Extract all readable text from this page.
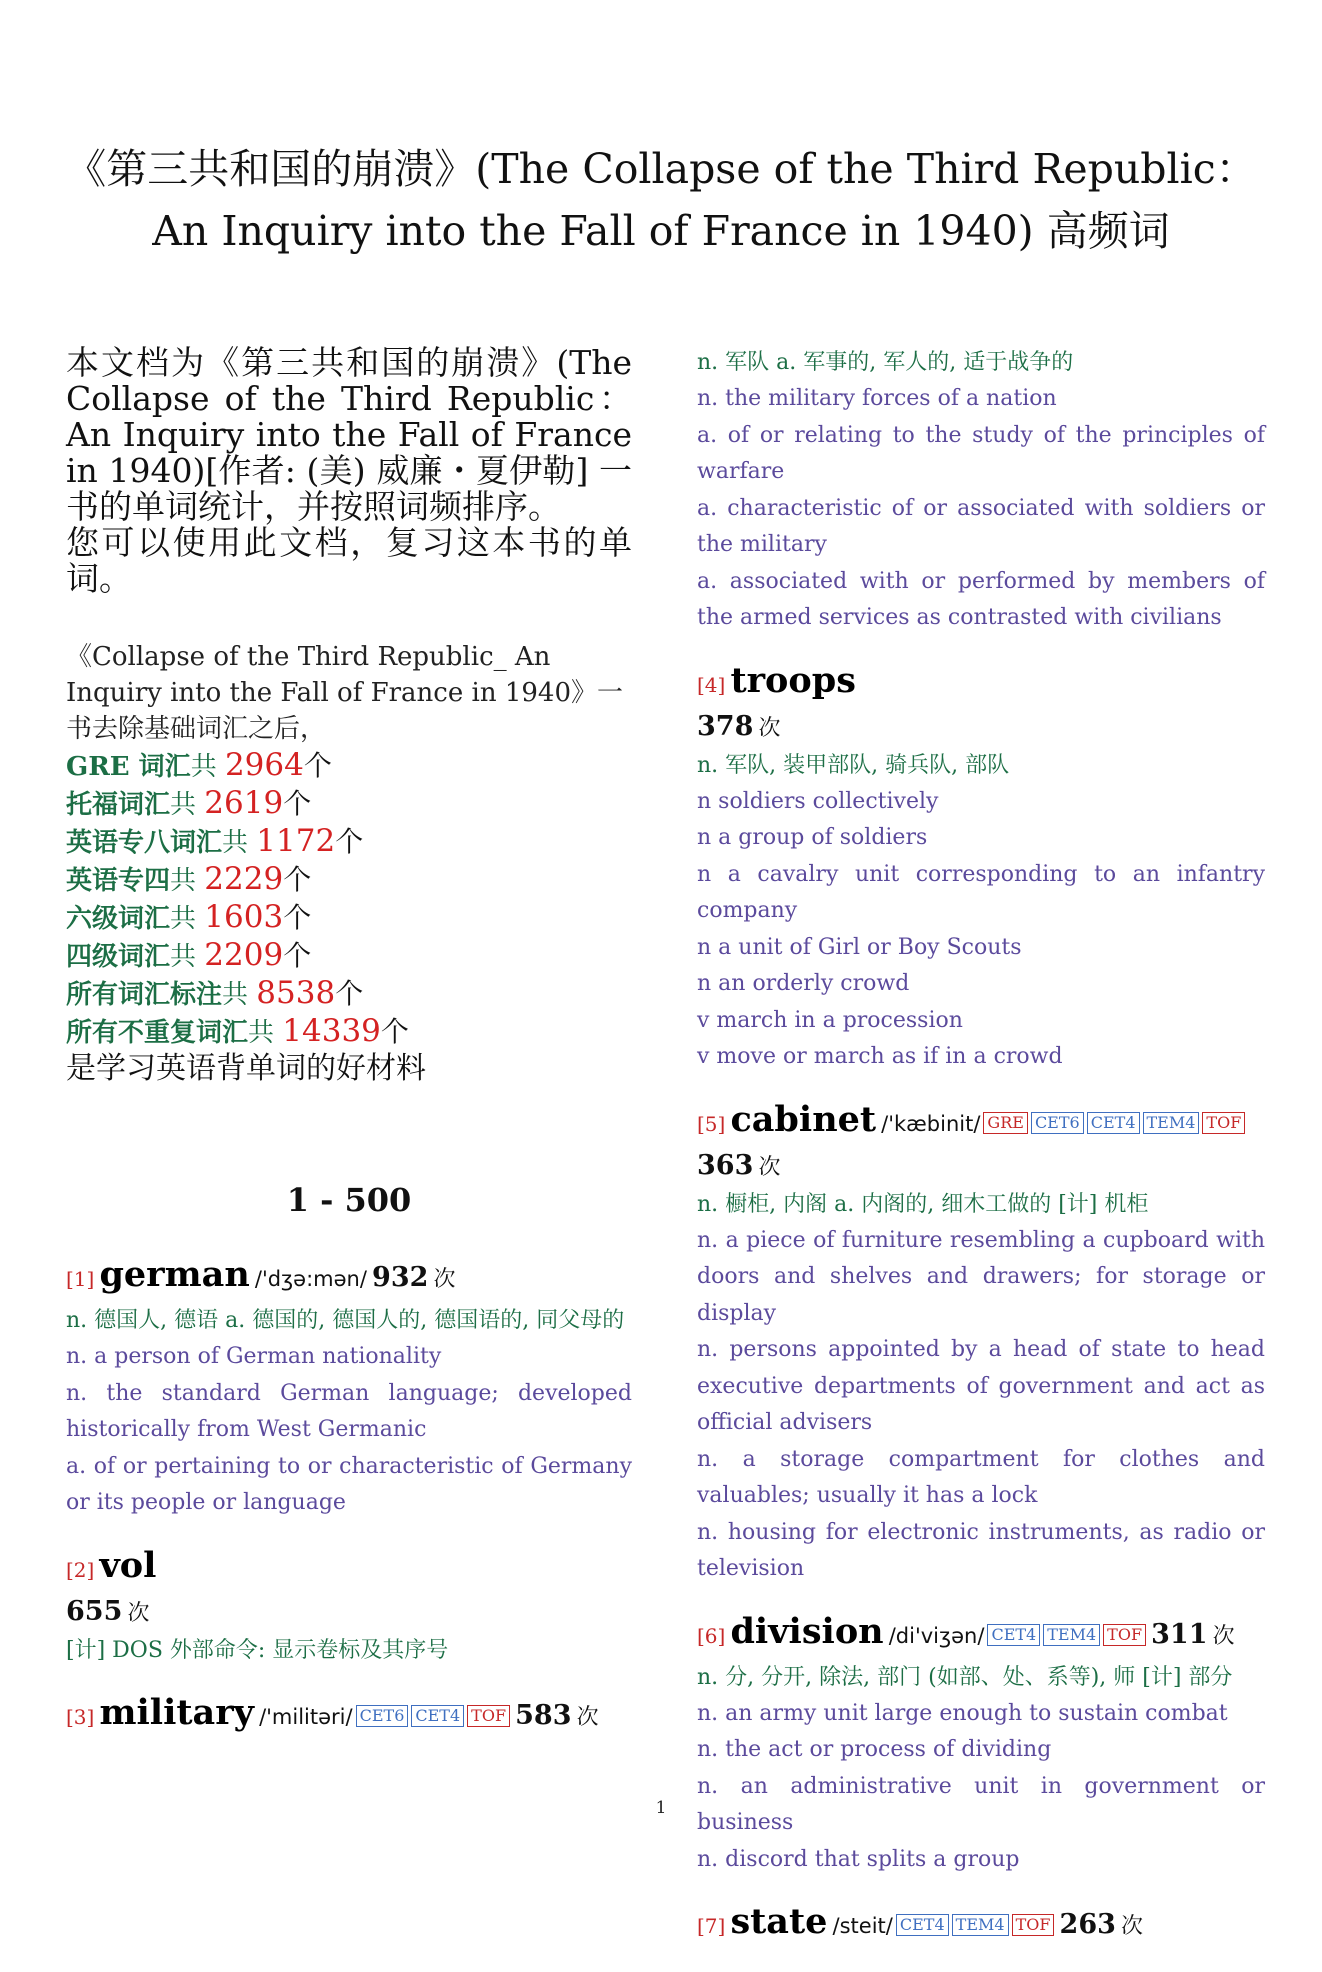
《第三共和国的崩溃》(The Collapse of the Third Republic：An Inquiry into the Fall of France in 1940) 高频词
本文档为《第三共和国的崩溃》(The Collapse of the Third Republic：An Inquiry into the Fall of France in 1940)[作者: (美) 威廉・夏伊勒] 一书的单词统计，并按照词频排序。
您可以使用此文档，复习这本书的单词。
《Collapse of the Third Republic_ An Inquiry into the Fall of France in 1940》一书去除基础词汇之后，
GRE 词汇共 2964个
托福词汇共 2619个
英语专八词汇共 1172个
英语专四共 2229个
六级词汇共 1603个
四级词汇共 2209个
所有词汇标注共 8538个
所有不重复词汇共 14339个
是学习英语背单词的好材料
1 - 500
[1] german /'dʒə:mən/ 932 次
n. 德国人, 德语 a. 德国的, 德国人的, 德国语的, 同父母的
n. a person of German nationality
n. the standard German language; developed historically from West Germanic
a. of or pertaining to or characteristic of Germany or its people or language
[2] vol
655 次
[计] DOS 外部命令: 显示卷标及其序号
[3] military /'militəri/ CET6 CET4 TOF 583 次
n. 军队 a. 军事的, 军人的, 适于战争的
n. the military forces of a nation
a. of or relating to the study of the principles of warfare
a. characteristic of or associated with soldiers or the military
a. associated with or performed by members of the armed services as contrasted with civilians
[4] troops
378 次
n. 军队, 装甲部队, 骑兵队, 部队
n soldiers collectively
n a group of soldiers
n a cavalry unit corresponding to an infantry company
n a unit of Girl or Boy Scouts
n an orderly crowd
v march in a procession
v move or march as if in a crowd
[5] cabinet /'kæbinit/ GRE CET6 CET4 TEM4 TOF
363 次
n. 橱柜, 内阁 a. 内阁的, 细木工做的 [计] 机柜
n. a piece of furniture resembling a cupboard with doors and shelves and drawers; for storage or display
n. persons appointed by a head of state to head executive departments of government and act as official advisers
n. a storage compartment for clothes and valuables; usually it has a lock
n. housing for electronic instruments, as radio or television
[6] division /di'viʒən/ CET4 TEM4 TOF 311 次
n. 分, 分开, 除法, 部门 (如部、处、系等), 师 [计] 部分
n. an army unit large enough to sustain combat
n. the act or process of dividing
n. an administrative unit in government or business
n. discord that splits a group
[7] state /steit/ CET4 TEM4 TOF 263 次
1
